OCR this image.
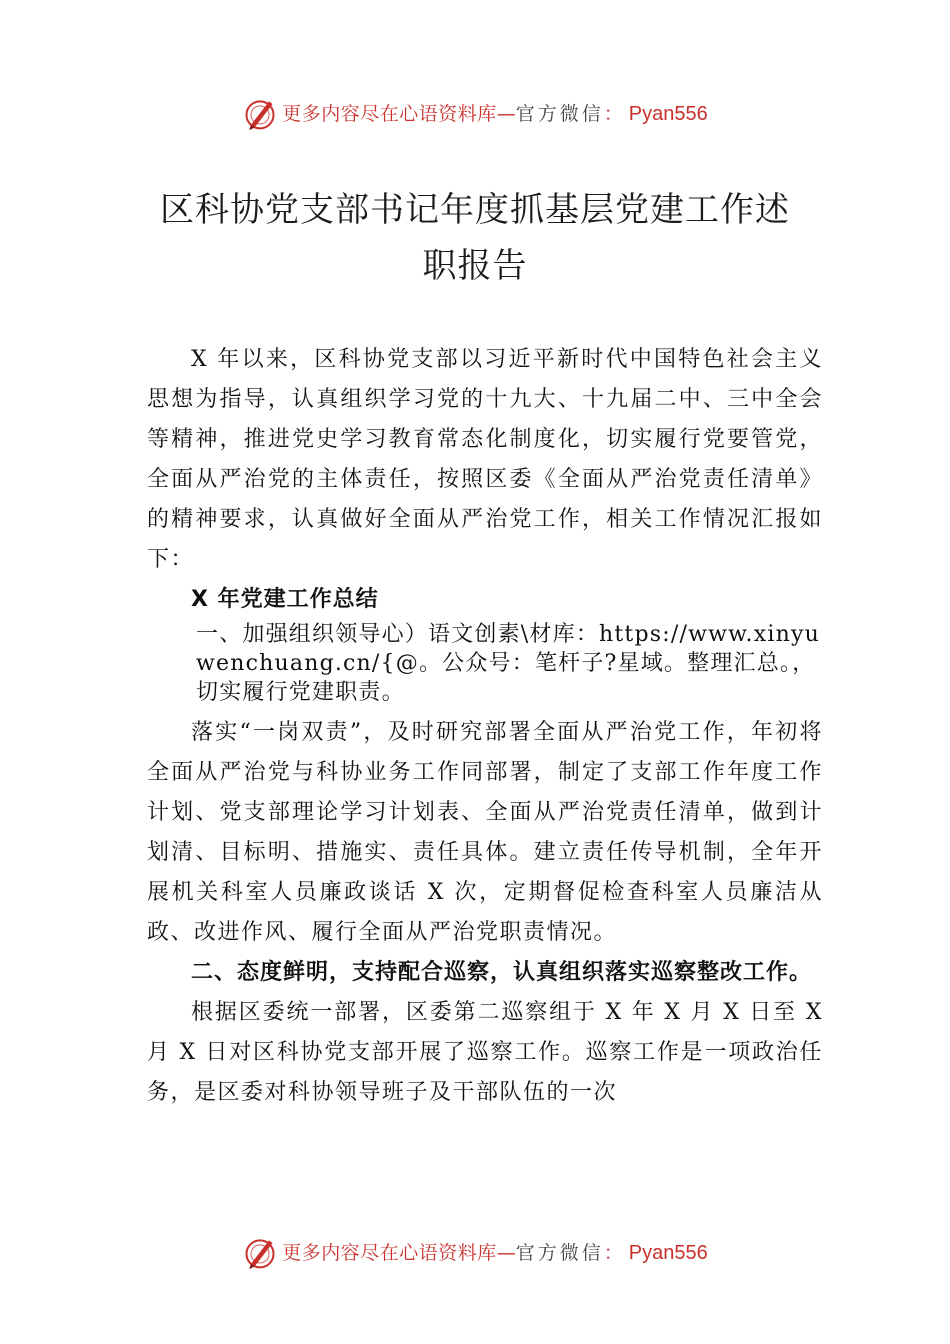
更多内容尽在心语资料库 — 官方微信 ： Pyan556
区科协党支部书记年度抓基层党建工作述
职报告

X 年以来，区科协党支部以习近平新时代中国特色社会主义思想为指导，认真组织学习党的十九大、十九届二中、三中全会等精神，推进党史学习教育常态化制度化，切实履行党要管党，全面从严治党的主体责任，按照区委《全面从严治党责任清单》的精神要求，认真做好全面从严治党工作，相关工作情况汇报如下：

X 年党建工作总结

一、加强组织领导心）语文创素\材库：https://www.xinyuwenchuang.cn/{@。公众号：笔杆子?星域。整理汇总。，切实履行党建职责。

落实“一岗双责”，及时研究部署全面从严治党工作，年初将全面从严治党与科协业务工作同部署，制定了支部工作年度工作计划、党支部理论学习计划表、全面从严治党责任清单，做到计划清、目标明、措施实、责任具体。建立责任传导机制，全年开展机关科室人员廉政谈话 X 次，定期督促检查科室人员廉洁从政、改进作风、履行全面从严治党职责情况。

二、态度鲜明，支持配合巡察，认真组织落实巡察整改工作。

根据区委统一部署，区委第二巡察组于 X 年 X 月 X 日至 X 月 X 日对区科协党支部开展了巡察工作。巡察工作是一项政治任务，是区委对科协领导班子及干部队伍的一次

更多内容尽在心语资料库 — 官方微信 ： Pyan556
